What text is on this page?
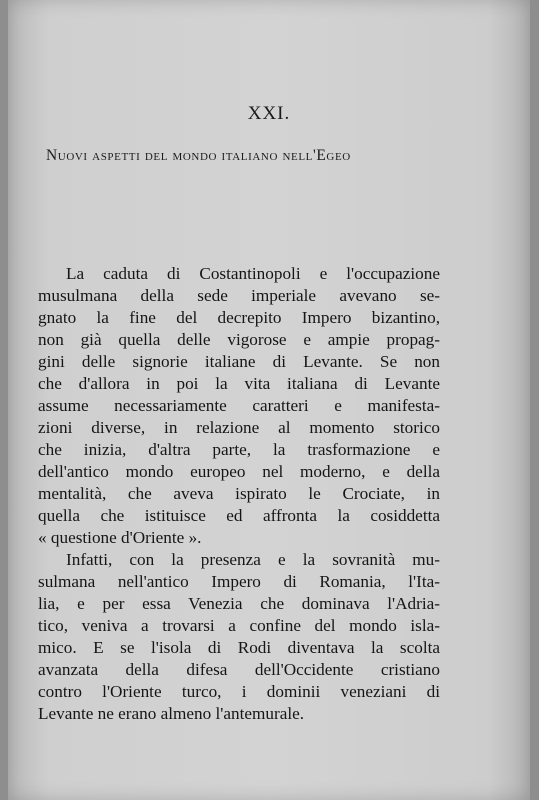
XXI.
Nuovi aspetti del mondo italiano nell'Egeo
La caduta di Costantinopoli e l'occupazione
musulmana della sede imperiale avevano se-
gnato la fine del decrepito Impero bizantino,
non già quella delle vigorose e ampie propag-
gini delle signorie italiane di Levante. Se non
che d'allora in poi la vita italiana di Levante
assume necessariamente caratteri e manifesta-
zioni diverse, in relazione al momento storico
che inizia, d'altra parte, la trasformazione e
dell'antico mondo europeo nel moderno, e della
mentalità, che aveva ispirato le Crociate, in
quella che istituisce ed affronta la cosiddetta
« questione d'Oriente ».
Infatti, con la presenza e la sovranità mu-
sulmana nell'antico Impero di Romania, l'Ita-
lia, e per essa Venezia che dominava l'Adria-
tico, veniva a trovarsi a confine del mondo isla-
mico. E se l'isola di Rodi diventava la scolta
avanzata della difesa dell'Occidente cristiano
contro l'Oriente turco, i dominii veneziani di
Levante ne erano almeno l'antemurale.
